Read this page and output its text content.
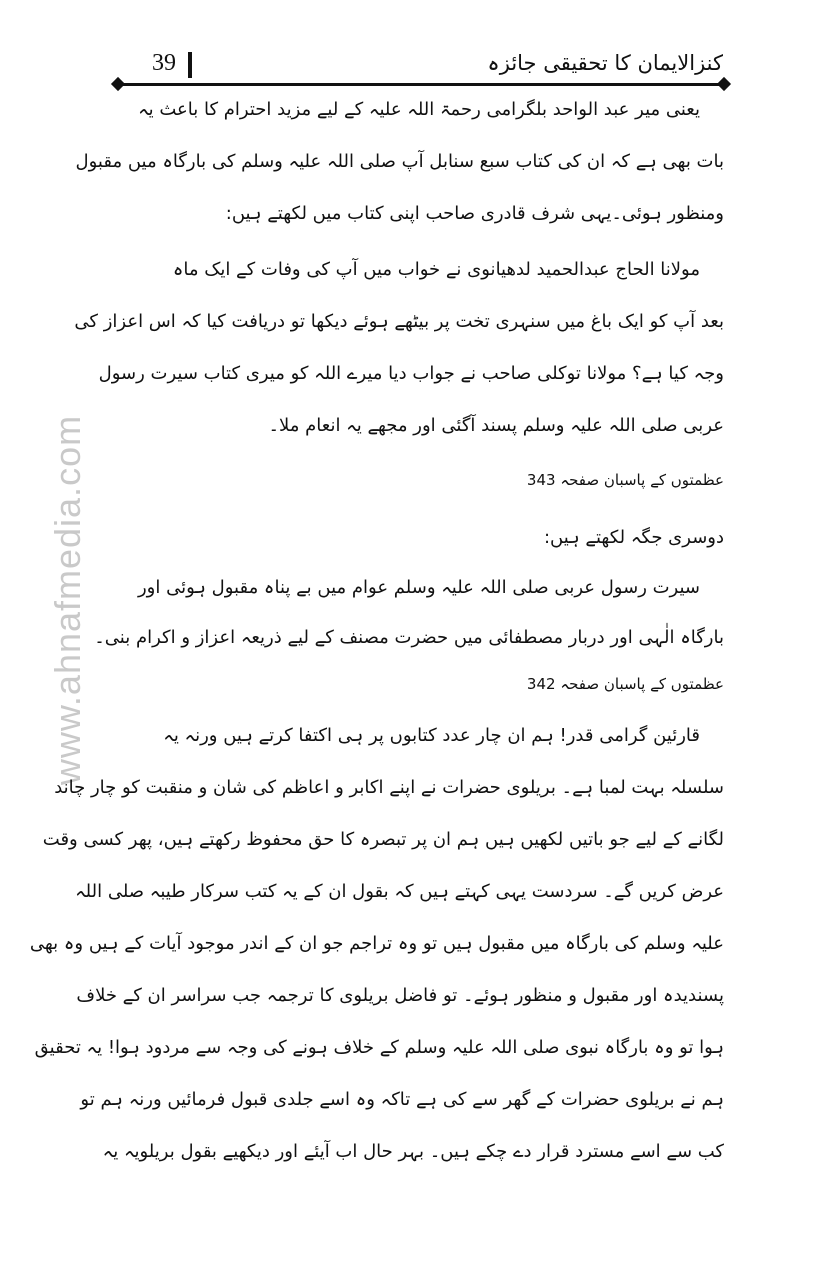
www.ahnafmedia.com
39	کنزالایمان کا تحقیقی جائزہ
یعنی میر عبد الواحد بلگرامی رحمۃ اللہ علیہ کے لیے مزید احترام کا باعث یہ
بات بھی ہے کہ ان کی کتاب سبع سنابل آپ صلی اللہ علیہ وسلم کی بارگاہ میں مقبول
ومنظور ہوئی۔یہی شرف قادری صاحب اپنی کتاب میں لکھتے ہیں:
مولانا الحاج عبدالحمید لدھیانوی نے خواب میں آپ کی وفات کے ایک ماہ
بعد آپ کو ایک باغ میں سنہری تخت پر بیٹھے ہوئے دیکھا تو دریافت کیا کہ اس اعزاز کی
وجہ کیا ہے؟ مولانا توکلی صاحب نے جواب دیا میرے اللہ کو میری کتاب سیرت رسول
عربی صلی اللہ علیہ وسلم پسند آگئی اور مجھے یہ انعام ملا۔
عظمتوں کے پاسبان صفحہ 343
دوسری جگہ لکھتے ہیں:
سیرت رسول عربی صلی اللہ علیہ وسلم عوام میں بے پناہ مقبول ہوئی اور
بارگاہ الٰہی اور دربار مصطفائی میں حضرت مصنف کے لیے ذریعہ اعزاز و اکرام بنی۔
عظمتوں کے پاسبان صفحہ 342
قارئین گرامی قدر! ہم ان چار عدد کتابوں پر ہی اکتفا کرتے ہیں ورنہ یہ
سلسلہ بہت لمبا ہے۔ بریلوی حضرات نے اپنے اکابر و اعاظم کی شان و منقبت کو چار چاند
لگانے کے لیے جو باتیں لکھیں ہیں ہم ان پر تبصرہ کا حق محفوظ رکھتے ہیں، پھر کسی وقت
عرض کریں گے۔ سردست یہی کہتے ہیں کہ بقول ان کے یہ کتب سرکار طیبہ صلی اللہ
علیہ وسلم کی بارگاہ میں مقبول ہیں تو وہ تراجم جو ان کے اندر موجود آیات کے ہیں وہ بھی
پسندیدہ اور مقبول و منظور ہوئے۔ تو فاضل بریلوی کا ترجمہ جب سراسر ان کے خلاف
ہوا تو وہ بارگاہ نبوی صلی اللہ علیہ وسلم کے خلاف ہونے کی وجہ سے مردود ہوا! یہ تحقیق
ہم نے بریلوی حضرات کے گھر سے کی ہے تاکہ وہ اسے جلدی قبول فرمائیں ورنہ ہم تو
کب سے اسے مسترد قرار دے چکے ہیں۔ بہر حال اب آیئے اور دیکھیے بقول بریلویہ یہ
